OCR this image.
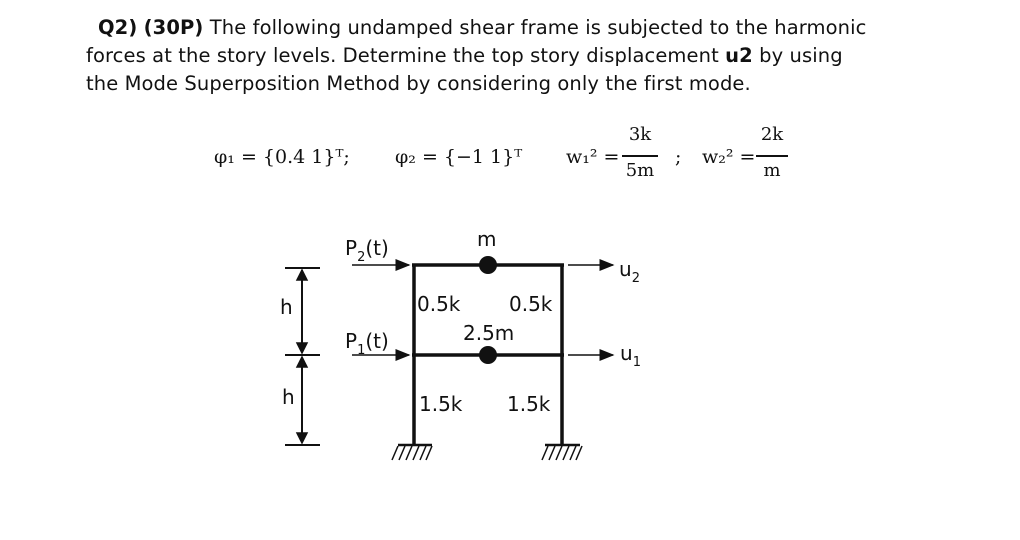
Q2) (30P) The following undamped shear frame is subjected to the harmonic
forces at the story levels. Determine the top story displacement u2 by using
the Mode Superposition Method by considering only the first mode.
φ₁ = {0.4 1}ᵀ; φ₂ = {−1 1}ᵀ w₁² =
3k
5m
; w₂² =
2k
m
m
$P_2(t)$
$P_1(t)$
$u_2$
$u_1$
0.5k 0.5k
2.5m
1.5k 1.5k
h
h
